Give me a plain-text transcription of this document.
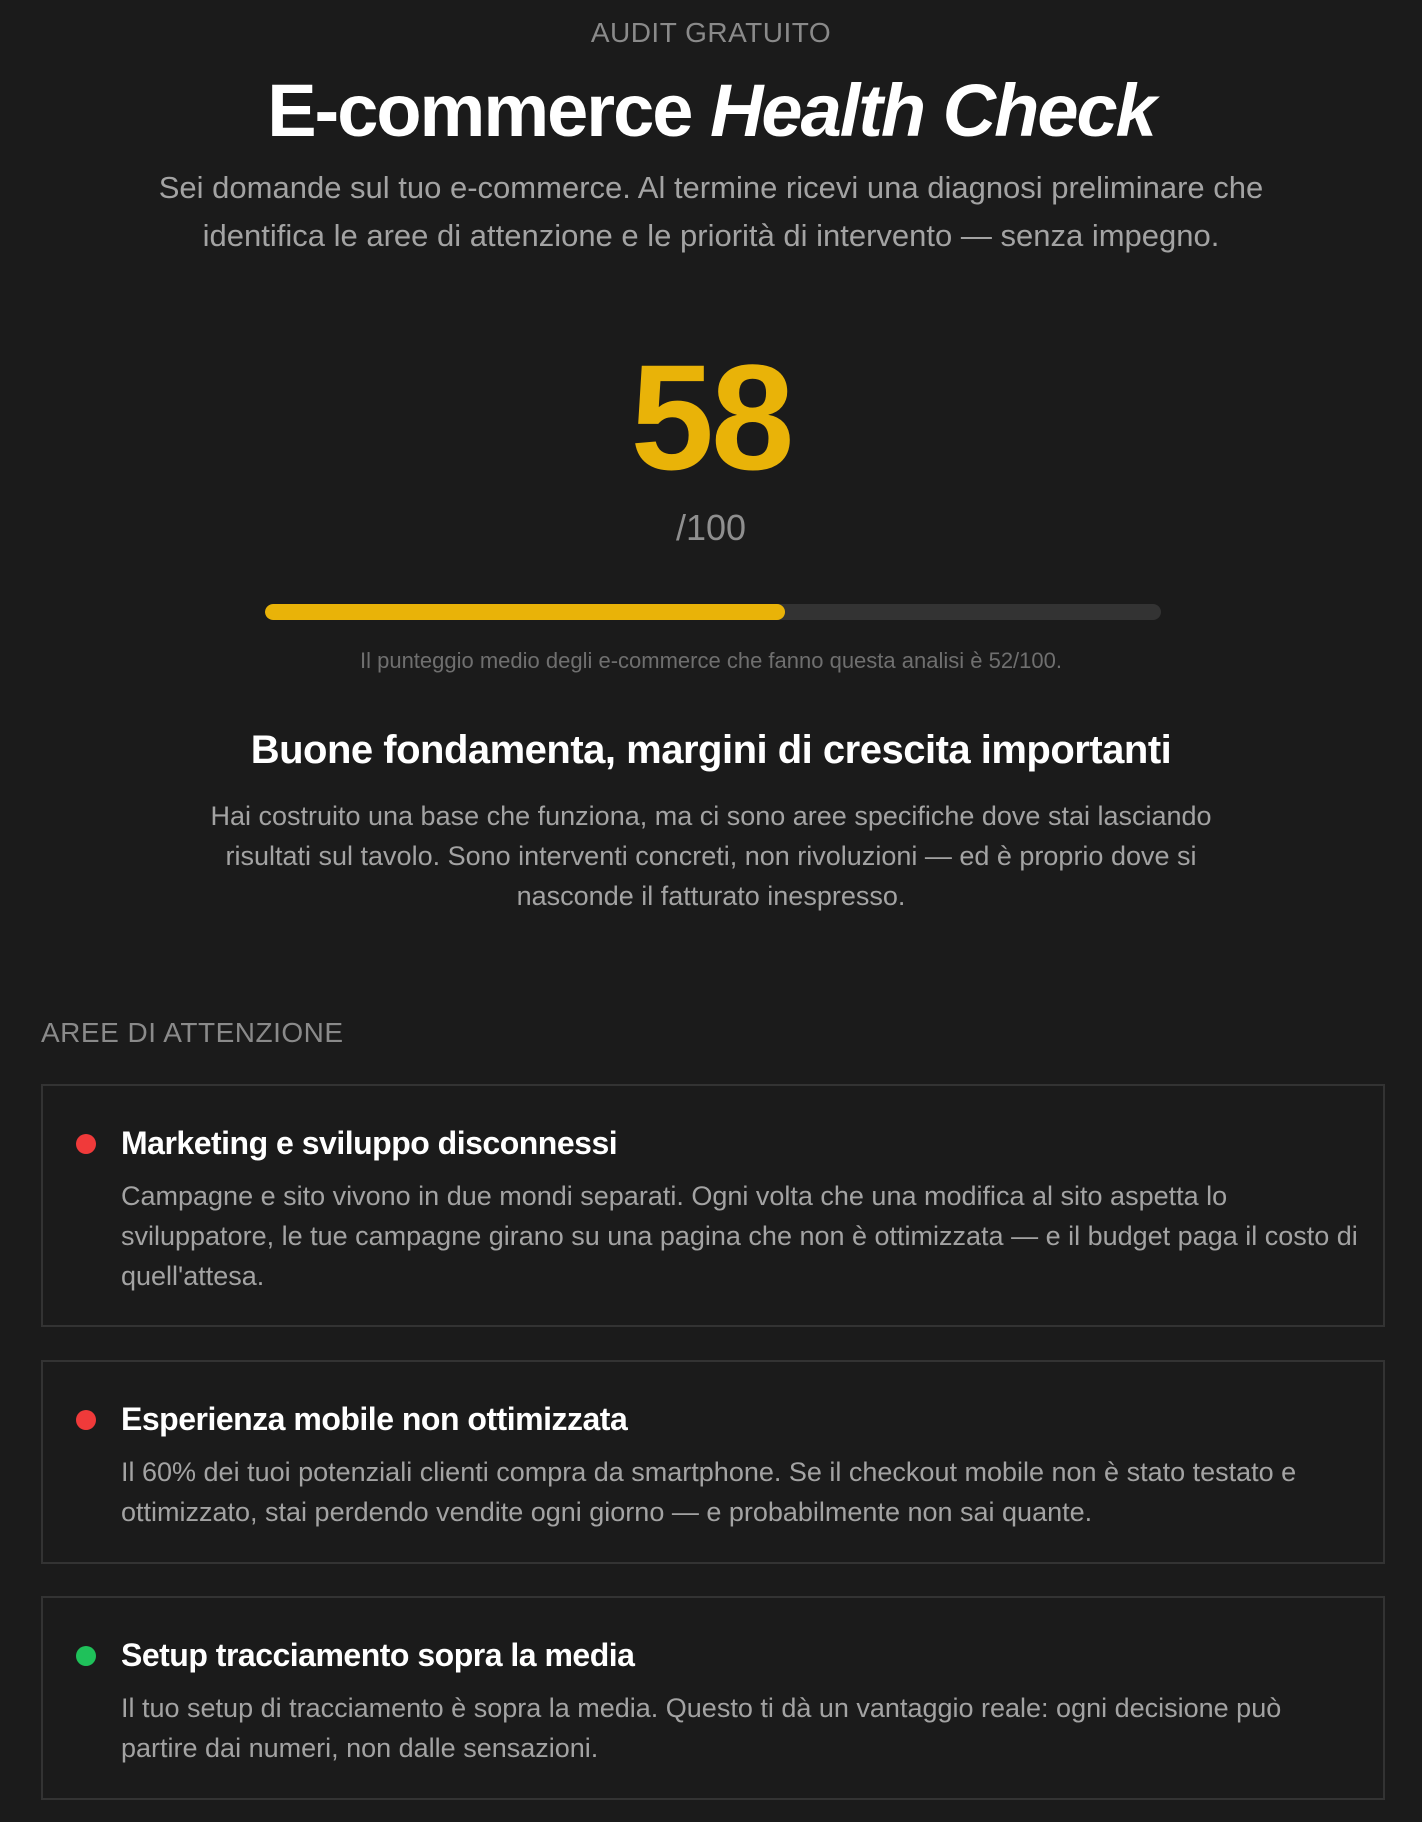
AUDIT GRATUITO
E-commerce Health Check

Sei domande sul tuo e-commerce. Al termine ricevi una diagnosi preliminare che identifica le aree di attenzione e le priorità di intervento — senza impegno.

58
/100

Il punteggio medio degli e-commerce che fanno questa analisi è 52/100.

Buone fondamenta, margini di crescita importanti

Hai costruito una base che funziona, ma ci sono aree specifiche dove stai lasciando risultati sul tavolo. Sono interventi concreti, non rivoluzioni — ed è proprio dove si nasconde il fatturato inespresso.

AREE DI ATTENZIONE
Marketing e sviluppo disconnessi

Campagne e sito vivono in due mondi separati. Ogni volta che una modifica al sito aspetta lo sviluppatore, le tue campagne girano su una pagina che non è ottimizzata — e il budget paga il costo di quell'attesa.

Esperienza mobile non ottimizzata

Il 60% dei tuoi potenziali clienti compra da smartphone. Se il checkout mobile non è stato testato e ottimizzato, stai perdendo vendite ogni giorno — e probabilmente non sai quante.

Setup tracciamento sopra la media

Il tuo setup di tracciamento è sopra la media. Questo ti dà un vantaggio reale: ogni decisione può partire dai numeri, non dalle sensazioni.
